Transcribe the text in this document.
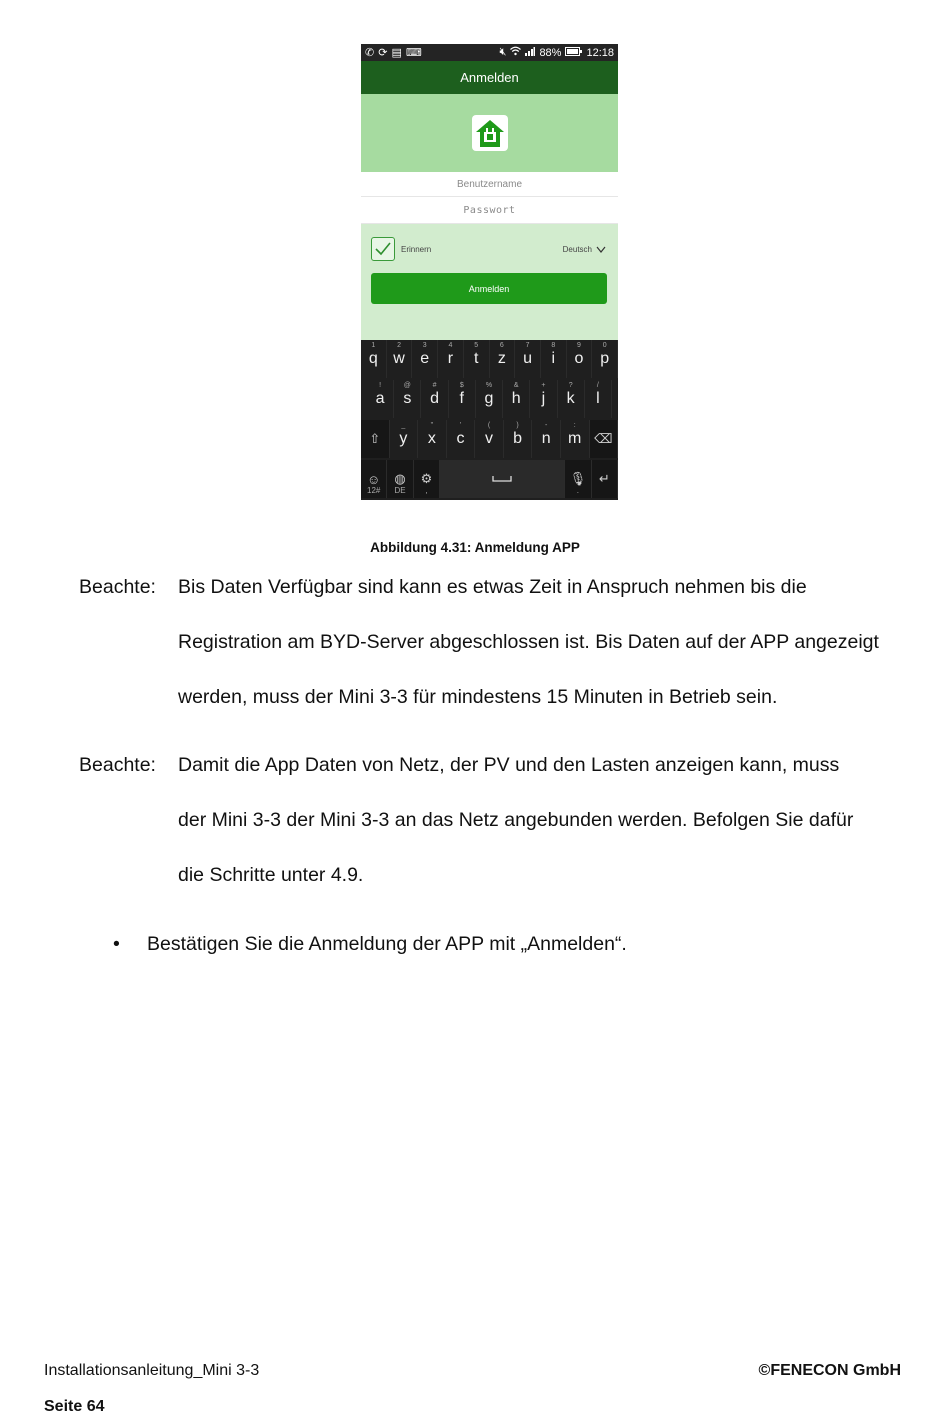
✆ ⟳ ▤ ⌨	🔇︎	88% 12:18
Anmelden
Benutzername
Passwort
Erinnern	Deutsch
Anmelden
1
q
2
w
3
e
4
r
5
t
6
z
7
u
8
i
9
o
0
p
!
a
@
s
#
d
$
f
%
g
&
h
+
j
?
k
/
l
⇧
_
y
"
x
'
c
(
v
)
b
-
n
:
m ⌫
☺
12#
◍
DE
⚙
,
🎙︎
.
↵
Abbildung 4.31: Anmeldung APP
Beachte:	Bis Daten Verfügbar sind kann es etwas Zeit in Anspruch nehmen bis die
Registration am BYD-Server abgeschlossen ist. Bis Daten auf der APP angezeigt
werden, muss der Mini 3-3 für mindestens 15 Minuten in Betrieb sein.
Beachte:	Damit die App Daten von Netz, der PV und den Lasten anzeigen kann, muss
der Mini 3-3 der Mini 3-3 an das Netz angebunden werden. Befolgen Sie dafür
die Schritte unter 4.9.
• Bestätigen Sie die Anmeldung der APP mit „Anmelden“.
Installationsanleitung_Mini 3-3	©FENECON GmbH
Seite 64
